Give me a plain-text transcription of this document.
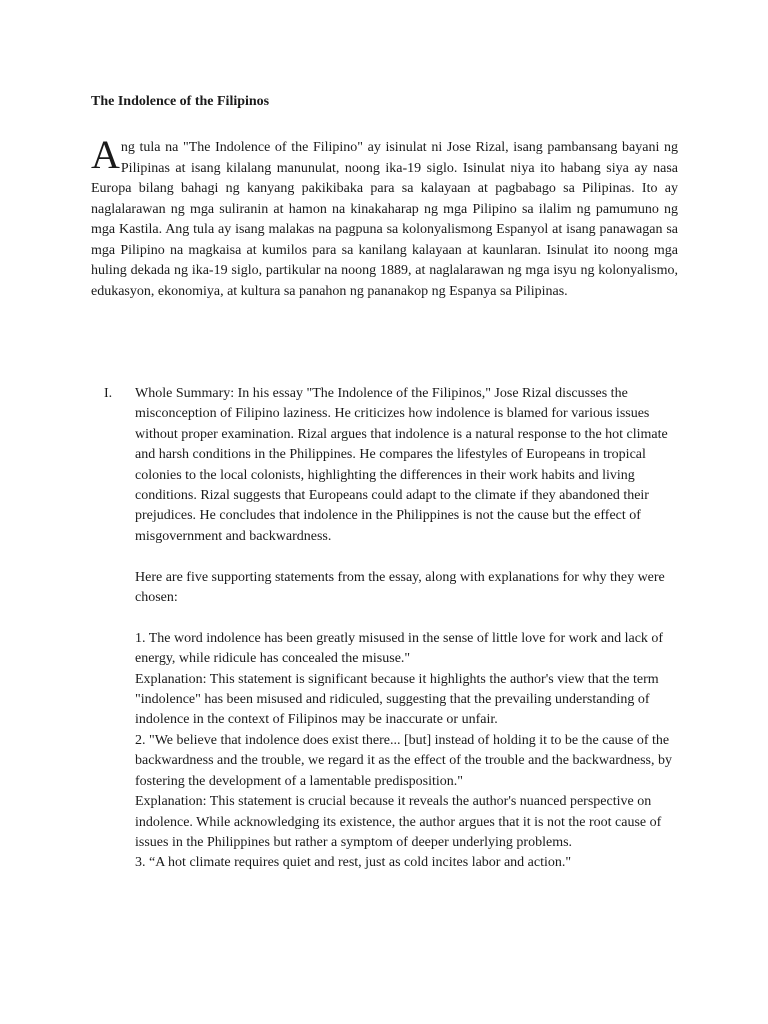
The Indolence of the Filipinos

Ang tula na "The Indolence of the Filipino" ay isinulat ni Jose Rizal, isang pambansang bayani ng Pilipinas at isang kilalang manunulat, noong ika-19 siglo. Isinulat niya ito habang siya ay nasa Europa bilang bahagi ng kanyang pakikibaka para sa kalayaan at pagbabago sa Pilipinas. Ito ay naglalarawan ng mga suliranin at hamon na kinakaharap ng mga Pilipino sa ilalim ng pamumuno ng mga Kastila. Ang tula ay isang malakas na pagpuna sa kolonyalismong Espanyol at isang panawagan sa mga Pilipino na magkaisa at kumilos para sa kanilang kalayaan at kaunlaran. Isinulat ito noong mga huling dekada ng ika-19 siglo, partikular na noong 1889, at naglalarawan ng mga isyu ng kolonyalismo, edukasyon, ekonomiya, at kultura sa panahon ng pananakop ng Espanya sa Pilipinas.

I. Whole Summary: In his essay "The Indolence of the Filipinos," Jose Rizal discusses the misconception of Filipino laziness. He criticizes how indolence is blamed for various issues without proper examination. Rizal argues that indolence is a natural response to the hot climate and harsh conditions in the Philippines. He compares the lifestyles of Europeans in tropical colonies to the local colonists, highlighting the differences in their work habits and living conditions. Rizal suggests that Europeans could adapt to the climate if they abandoned their prejudices. He concludes that indolence in the Philippines is not the cause but the effect of misgovernment and backwardness.

Here are five supporting statements from the essay, along with explanations for why they were chosen:

1. The word indolence has been greatly misused in the sense of little love for work and lack of energy, while ridicule has concealed the misuse."

Explanation: This statement is significant because it highlights the author's view that the term "indolence" has been misused and ridiculed, suggesting that the prevailing understanding of indolence in the context of Filipinos may be inaccurate or unfair.

2. "We believe that indolence does exist there... [but] instead of holding it to be the cause of the backwardness and the trouble, we regard it as the effect of the trouble and the backwardness, by fostering the development of a lamentable predisposition."

Explanation: This statement is crucial because it reveals the author's nuanced perspective on indolence. While acknowledging its existence, the author argues that it is not the root cause of issues in the Philippines but rather a symptom of deeper underlying problems.

3. “A hot climate requires quiet and rest, just as cold incites labor and action."
